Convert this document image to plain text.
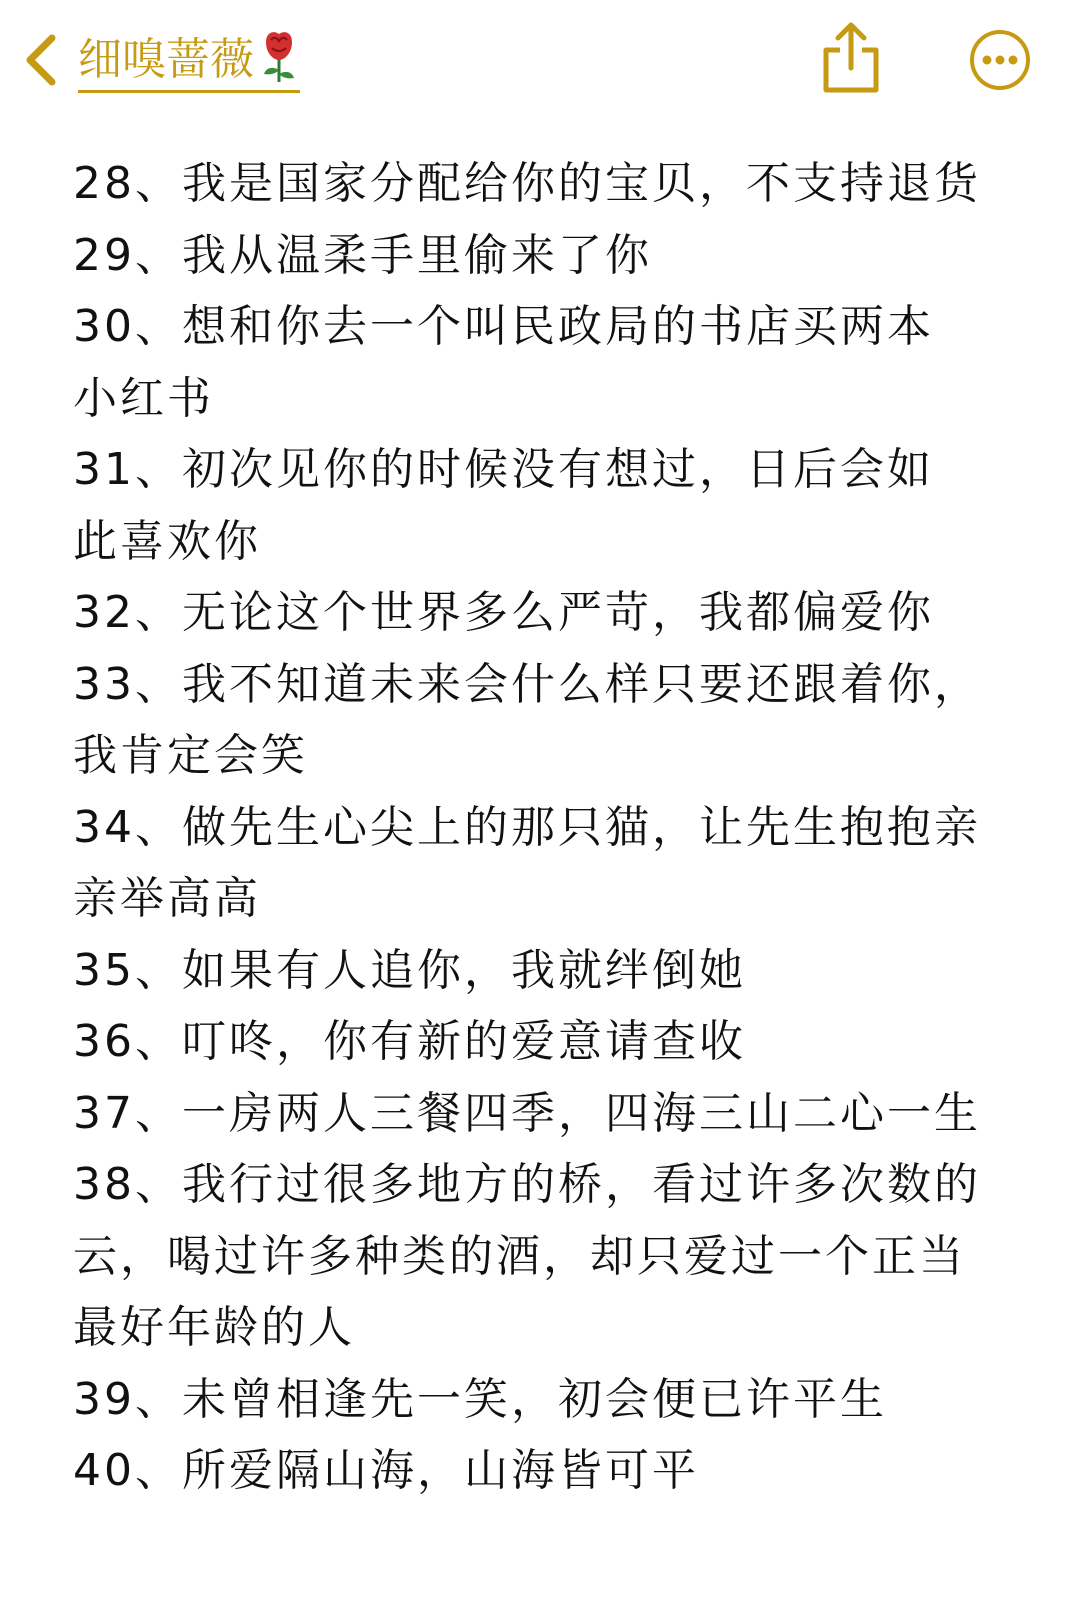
细嗅蔷薇

28、我是国家分配给你的宝贝，不支持退货

29、我从温柔手里偷来了你

30、想和你去一个叫民政局的书店买两本

小红书

31、初次见你的时候没有想过，日后会如

此喜欢你

32、无论这个世界多么严苛，我都偏爱你

33、我不知道未来会什么样只要还跟着你，

我肯定会笑

34、做先生心尖上的那只猫，让先生抱抱亲

亲举高高

35、如果有人追你，我就绊倒她

36、叮咚，你有新的爱意请查收

37、一房两人三餐四季，四海三山二心一生

38、我行过很多地方的桥，看过许多次数的

云，喝过许多种类的酒，却只爱过一个正当

最好年龄的人

39、未曾相逢先一笑，初会便已许平生

40、所爱隔山海，山海皆可平
